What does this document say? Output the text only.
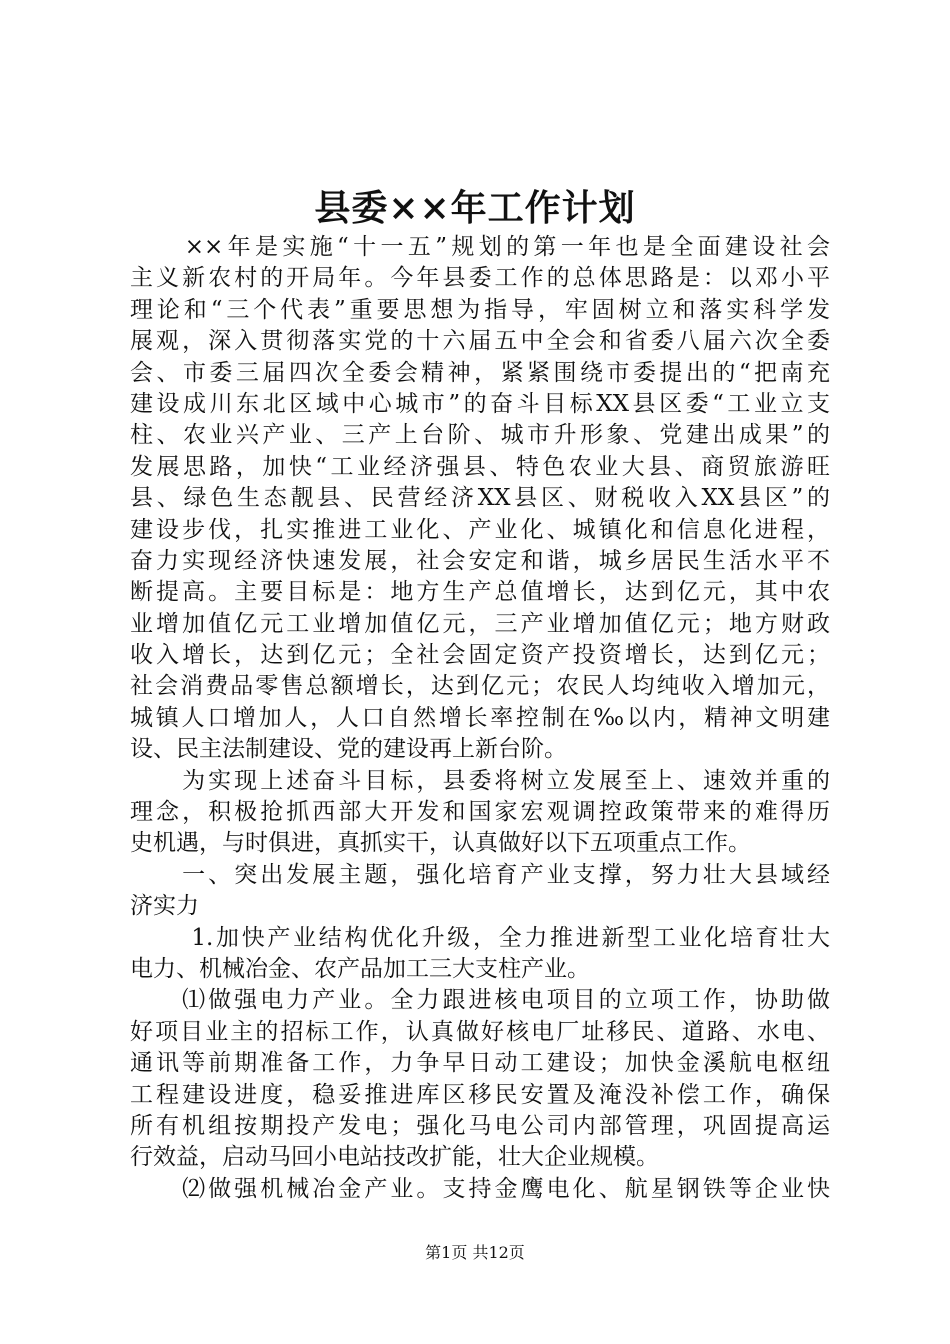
县委××年工作计划
　　××年是实施“十一五”规划的第一年也是全面建设社会
主义新农村的开局年。今年县委工作的总体思路是：以邓小平
理论和“三个代表”重要思想为指导，牢固树立和落实科学发
展观，深入贯彻落实党的十六届五中全会和省委八届六次全委
会、市委三届四次全委会精神，紧紧围绕市委提出的“把南充
建设成川东北区域中心城市”的奋斗目标XX县区委“工业立支
柱、农业兴产业、三产上台阶、城市升形象、党建出成果”的
发展思路，加快“工业经济强县、特色农业大县、商贸旅游旺
县、绿色生态靓县、民营经济XX县区、财税收入XX县区”的
建设步伐，扎实推进工业化、产业化、城镇化和信息化进程，
奋力实现经济快速发展，社会安定和谐，城乡居民生活水平不
断提高。主要目标是：地方生产总值增长，达到亿元，其中农
业增加值亿元工业增加值亿元，三产业增加值亿元；地方财政
收入增长，达到亿元；全社会固定资产投资增长，达到亿元；
社会消费品零售总额增长，达到亿元；农民人均纯收入增加元，
城镇人口增加人，人口自然增长率控制在‰以内，精神文明建
设、民主法制建设、党的建设再上新台阶。
　　为实现上述奋斗目标，县委将树立发展至上、速效并重的
理念，积极抢抓西部大开发和国家宏观调控政策带来的难得历
史机遇，与时俱进，真抓实干，认真做好以下五项重点工作。
　　一、突出发展主题，强化培育产业支撑，努力壮大县域经
济实力
　　 1.加快产业结构优化升级，全力推进新型工业化培育壮大
电力、机械冶金、农产品加工三大支柱产业。
　　⑴做强电力产业。全力跟进核电项目的立项工作，协助做
好项目业主的招标工作，认真做好核电厂址移民、道路、水电、
通讯等前期准备工作，力争早日动工建设；加快金溪航电枢纽
工程建设进度，稳妥推进库区移民安置及淹没补偿工作，确保
所有机组按期投产发电；强化马电公司内部管理，巩固提高运
行效益，启动马回小电站技改扩能，壮大企业规模。
　　⑵做强机械冶金产业。支持金鹰电化、航星钢铁等企业快
第1页 共12页
